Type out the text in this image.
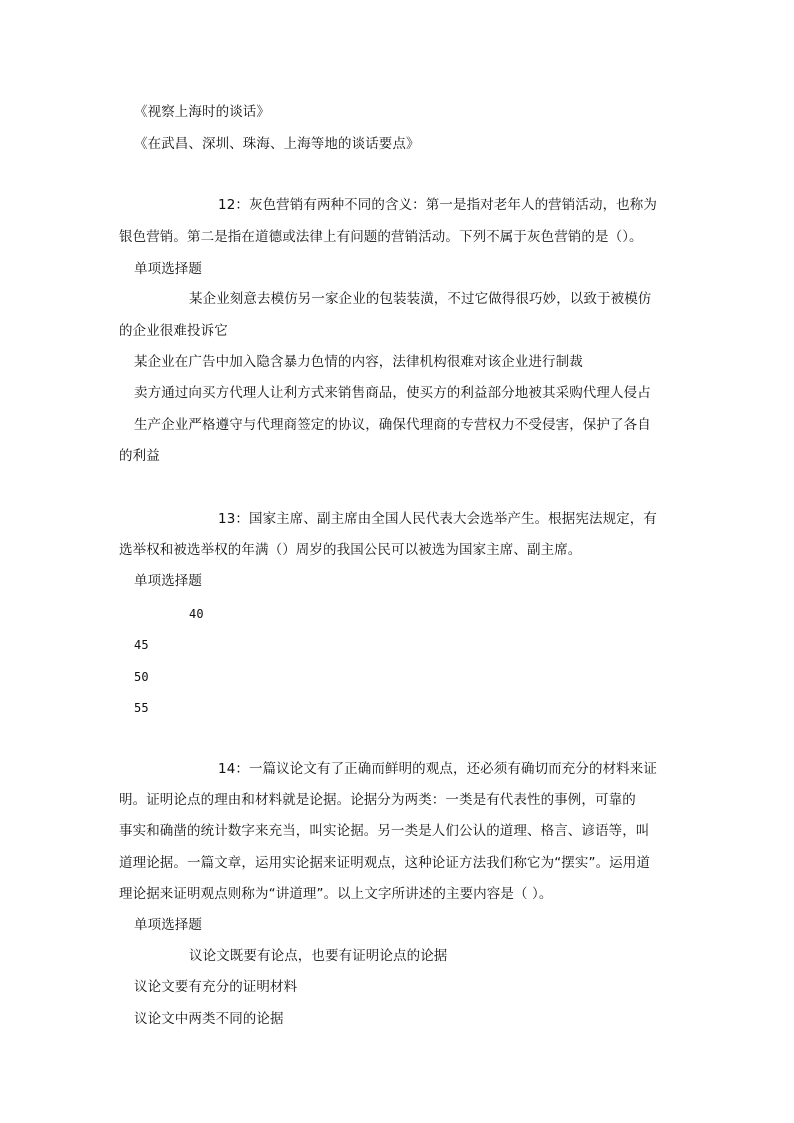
《视察上海时的谈话》
《在武昌、深圳、珠海、上海等地的谈话要点》
12：灰色营销有两种不同的含义：第一是指对老年人的营销活动，也称为
银色营销。第二是指在道德或法律上有问题的营销活动。下列不属于灰色营销的是（）。
单项选择题
某企业刻意去模仿另一家企业的包装装潢，不过它做得很巧妙，以致于被模仿
的企业很难投诉它
某企业在广告中加入隐含暴力色情的内容，法律机构很难对该企业进行制裁
卖方通过向买方代理人让利方式来销售商品，使买方的利益部分地被其采购代理人侵占
生产企业严格遵守与代理商签定的协议，确保代理商的专营权力不受侵害，保护了各自
的利益
13：国家主席、副主席由全国人民代表大会选举产生。根据宪法规定，有
选举权和被选举权的年满（）周岁的我国公民可以被选为国家主席、副主席。
单项选择题
40
45
50
55
14：一篇议论文有了正确而鲜明的观点，还必须有确切而充分的材料来证
明。证明论点的理由和材料就是论据。论据分为两类：一类是有代表性的事例，可靠的
事实和确凿的统计数字来充当，叫实论据。另一类是人们公认的道理、格言、谚语等，叫
道理论据。一篇文章，运用实论据来证明观点，这种论证方法我们称它为“摆实”。运用道
理论据来证明观点则称为“讲道理”。以上文字所讲述的主要内容是（ ）。
单项选择题
议论文既要有论点，也要有证明论点的论据
议论文要有充分的证明材料
议论文中两类不同的论据
